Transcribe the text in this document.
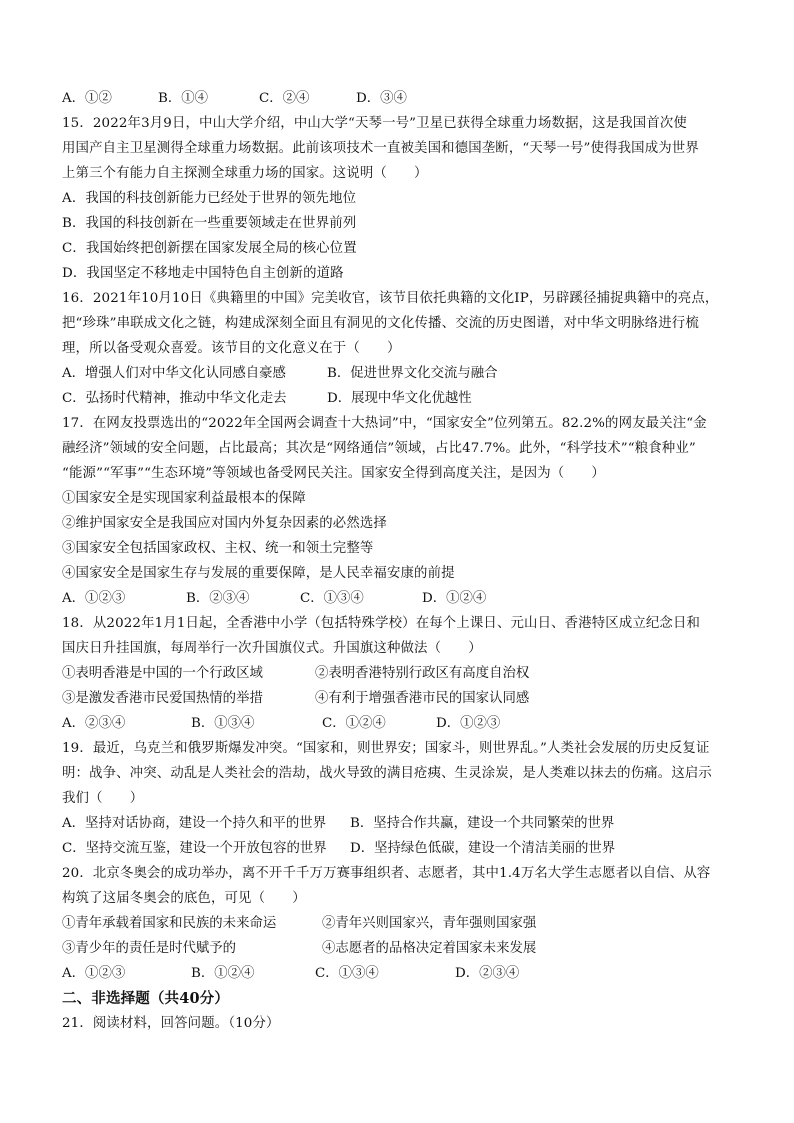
A．①②	B．①④	C．②④	D．③④
15．2022年3月9日，中山大学介绍，中山大学“天琴一号”卫星已获得全球重力场数据，这是我国首次使
用国产自主卫星测得全球重力场数据。此前该项技术一直被美国和德国垄断，“天琴一号”使得我国成为世界
上第三个有能力自主探测全球重力场的国家。这说明（　　）
A．我国的科技创新能力已经处于世界的领先地位
B．我国的科技创新在一些重要领域走在世界前列
C．我国始终把创新摆在国家发展全局的核心位置
D．我国坚定不移地走中国特色自主创新的道路
16．2021年10月10日《典籍里的中国》完美收官，该节目依托典籍的文化IP，另辟蹊径捕捉典籍中的亮点，
把“珍珠”串联成文化之链，构建成深刻全面且有洞见的文化传播、交流的历史图谱，对中华文明脉络进行梳
理，所以备受观众喜爱。该节目的文化意义在于（　　）
A．增强人们对中华文化认同感自豪感	B．促进世界文化交流与融合
C．弘扬时代精神，推动中华文化走去	D．展现中华文化优越性
17．在网友投票选出的“2022年全国两会调查十大热词”中，“国家安全”位列第五。82.2%的网友最关注“金
融经济”领域的安全问题，占比最高；其次是“网络通信”领域，占比47.7%。此外，“科学技术”“粮食种业”
“能源”“军事”“生态环境”等领域也备受网民关注。国家安全得到高度关注，是因为（　　）
①国家安全是实现国家利益最根本的保障
②维护国家安全是我国应对国内外复杂因素的必然选择
③国家安全包括国家政权、主权、统一和领土完整等
④国家安全是国家生存与发展的重要保障，是人民幸福安康的前提
A．①②③	B．②③④	C．①③④	D．①②④
18．从2022年1月1日起，全香港中小学（包括特殊学校）在每个上课日、元山日、香港特区成立纪念日和
国庆日升挂国旗，每周举行一次升国旗仪式。升国旗这种做法（　　）
①表明香港是中国的一个行政区域	②表明香港特别行政区有高度自治权
③是激发香港市民爱国热情的举措	④有利于增强香港市民的国家认同感
A．②③④	B．①③④	C．①②④	D．①②③
19．最近，乌克兰和俄罗斯爆发冲突。“国家和，则世界安；国家斗，则世界乱。”人类社会发展的历史反复证
明：战争、冲突、动乱是人类社会的浩劫，战火导致的满目疮痍、生灵涂炭，是人类难以抹去的伤痛。这启示
我们（　　）
A．坚持对话协商，建设一个持久和平的世界 B．坚持合作共赢，建设一个共同繁荣的世界
C．坚持交流互鉴，建设一个开放包容的世界 D．坚持绿色低碳，建设一个清洁美丽的世界
20．北京冬奥会的成功举办，离不开千千万万赛事组织者、志愿者，其中1.4万名大学生志愿者以自信、从容
构筑了这届冬奥会的底色，可见（　　）
①青年承载着国家和民族的未来命运	②青年兴则国家兴，青年强则国家强
③青少年的责任是时代赋予的	④志愿者的品格决定着国家未来发展
A．①②③	B．①②④	C．①③④	D．②③④
二、非选择题（共40分）
21．阅读材料，回答问题。（10分）
